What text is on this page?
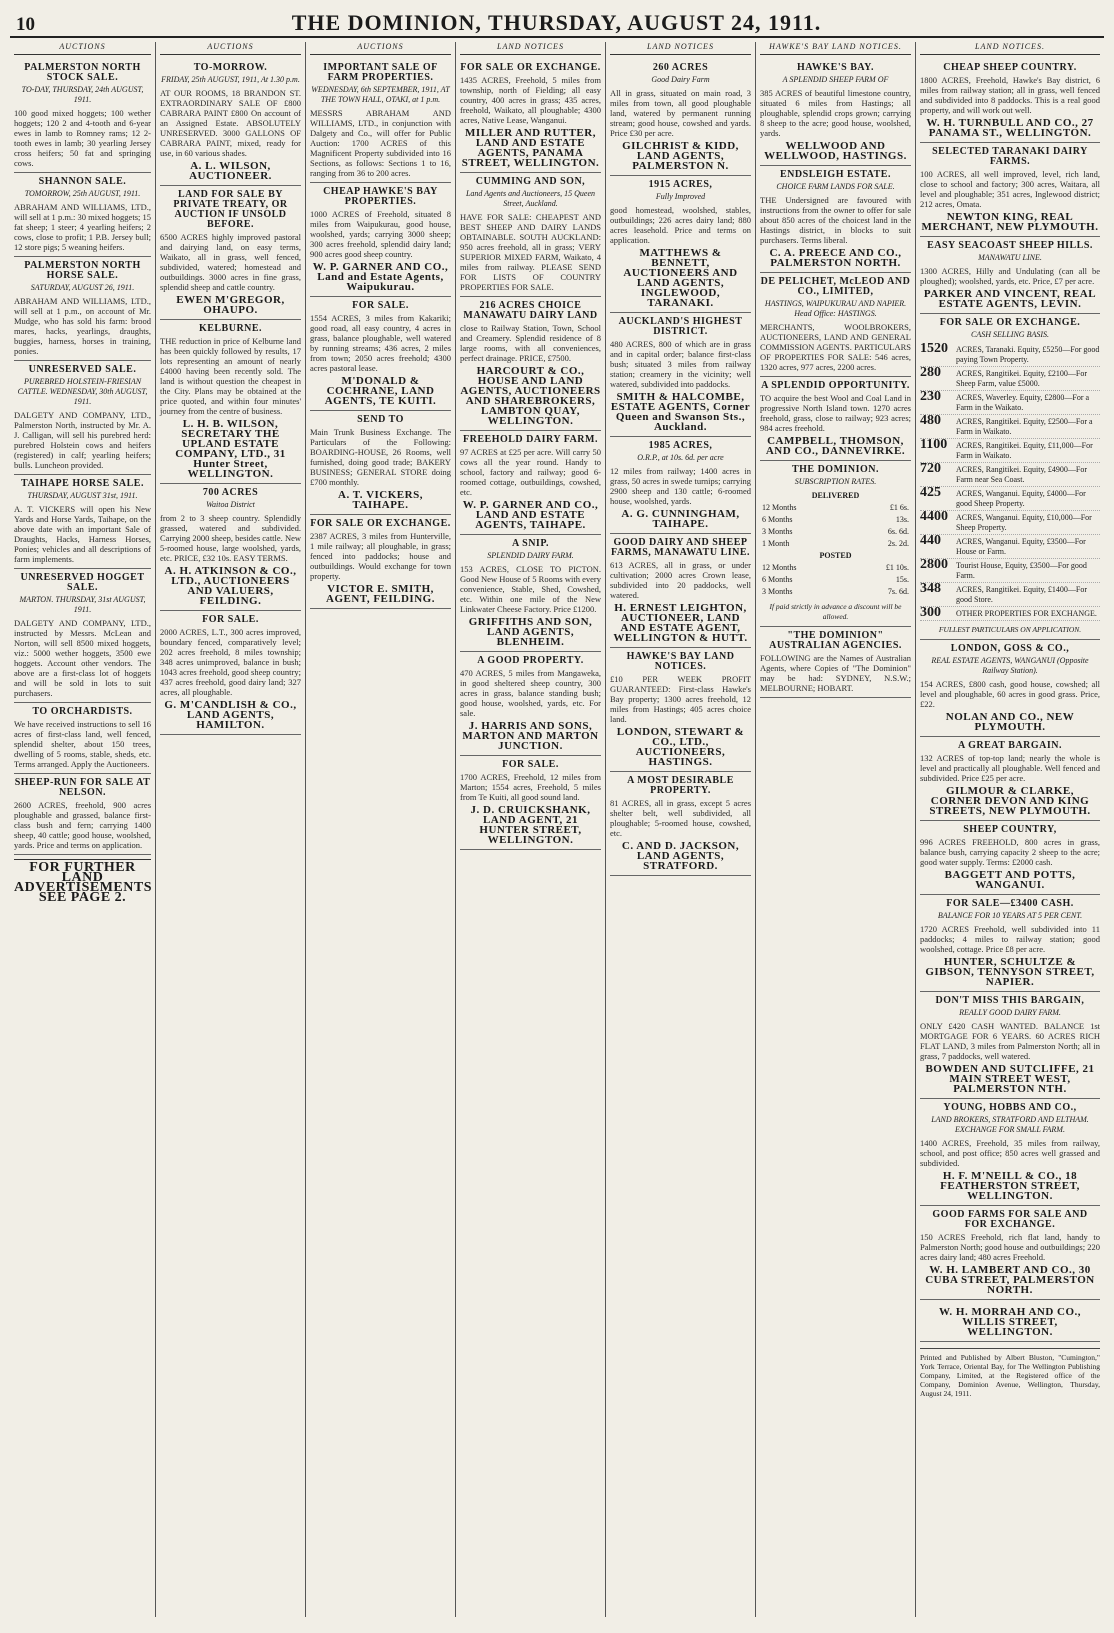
10	THE DOMINION, THURSDAY, AUGUST 24, 1911.
AUCTIONS
PALMERSTON NORTH STOCK SALE.

TO-DAY, THURSDAY, 24th AUGUST, 1911.

100 good mixed hoggets; 100 wether hoggets; 120 2 and 4-tooth and 6-year ewes in lamb to Romney rams; 12 2-tooth ewes in lamb; 30 yearling Jersey cross heifers; 50 fat and springing cows.

SHANNON SALE.

TOMORROW, 25th AUGUST, 1911.

ABRAHAM AND WILLIAMS, LTD., will sell at 1 p.m.: 30 mixed hoggets; 15 fat sheep; 1 steer; 4 yearling heifers; 2 cows, close to profit; 1 P.B. Jersey bull; 12 store pigs; 5 weaning heifers.

PALMERSTON NORTH HORSE SALE.

SATURDAY, AUGUST 26, 1911.

ABRAHAM AND WILLIAMS, LTD., will sell at 1 p.m., on account of Mr. Mudge, who has sold his farm: brood mares, hacks, yearlings, draughts, buggies, harness, horses in training, ponies.

UNRESERVED SALE.

PUREBRED HOLSTEIN-FRIESIAN CATTLE. WEDNESDAY, 30th AUGUST, 1911.

DALGETY AND COMPANY, LTD., Palmerston North, instructed by Mr. A. J. Calligan, will sell his purebred herd: purebred Holstein cows and heifers (registered) in calf; yearling heifers; bulls. Luncheon provided.

TAIHAPE HORSE SALE.

THURSDAY, AUGUST 31st, 1911.

A. T. VICKERS will open his New Yards and Horse Yards, Taihape, on the above date with an important Sale of Draughts, Hacks, Harness Horses, Ponies; vehicles and all descriptions of farm implements.

UNRESERVED HOGGET SALE.

MARTON. THURSDAY, 31st AUGUST, 1911.

DALGETY AND COMPANY, LTD., instructed by Messrs. McLean and Norton, will sell 8500 mixed hoggets, viz.: 5000 wether hoggets, 3500 ewe hoggets. Account other vendors. The above are a first-class lot of hoggets and will be sold in lots to suit purchasers.

TO ORCHARDISTS.

We have received instructions to sell 16 acres of first-class land, well fenced, splendid shelter, about 150 trees, dwelling of 5 rooms, stable, sheds, etc. Terms arranged. Apply the Auctioneers.

SHEEP-RUN FOR SALE AT NELSON.

2600 ACRES, freehold, 900 acres ploughable and grassed, balance first-class bush and fern; carrying 1400 sheep, 40 cattle; good house, woolshed, yards. Price and terms on application.

FOR FURTHER LAND ADVERTISEMENTS SEE PAGE 2.
AUCTIONS
TO-MORROW.

FRIDAY, 25th AUGUST, 1911, At 1.30 p.m.

AT OUR ROOMS, 18 BRANDON ST. EXTRAORDINARY SALE OF £800 CABRARA PAINT £800 On account of an Assigned Estate. ABSOLUTELY UNRESERVED. 3000 GALLONS OF CABRARA PAINT, mixed, ready for use, in 60 various shades.

A. L. WILSON, AUCTIONEER.
LAND FOR SALE BY PRIVATE TREATY, OR AUCTION IF UNSOLD BEFORE.

6500 ACRES highly improved pastoral and dairying land, on easy terms, Waikato, all in grass, well fenced, subdivided, watered; homestead and outbuildings. 3000 acres in fine grass, splendid sheep and cattle country.

EWEN M'GREGOR, OHAUPO.
KELBURNE.

THE reduction in price of Kelburne land has been quickly followed by results, 17 lots representing an amount of nearly £4000 having been recently sold. The land is without question the cheapest in the City. Plans may be obtained at the price quoted, and within four minutes' journey from the centre of business.

L. H. B. WILSON, SECRETARY THE UPLAND ESTATE COMPANY, LTD., 31 Hunter Street, WELLINGTON.
700 ACRES

Waitoa District

from 2 to 3 sheep country. Splendidly grassed, watered and subdivided. Carrying 2000 sheep, besides cattle. New 5-roomed house, large woolshed, yards, etc. PRICE, £32 10s. EASY TERMS.

A. H. ATKINSON & CO., LTD., AUCTIONEERS AND VALUERS, FEILDING.
FOR SALE.

2000 ACRES, L.T., 300 acres improved, boundary fenced, comparatively level; 202 acres freehold, 8 miles township; 348 acres unimproved, balance in bush; 1043 acres freehold, good sheep country; 437 acres freehold, good dairy land; 327 acres, all ploughable.

G. M'CANDLISH & CO., LAND AGENTS, HAMILTON.
AUCTIONS
IMPORTANT SALE OF FARM PROPERTIES.

WEDNESDAY, 6th SEPTEMBER, 1911, AT THE TOWN HALL, OTAKI, at 1 p.m.

MESSRS ABRAHAM AND WILLIAMS, LTD., in conjunction with Dalgety and Co., will offer for Public Auction: 1700 ACRES of this Magnificent Property subdivided into 16 Sections, as follows: Sections 1 to 16, ranging from 36 to 200 acres.

CHEAP HAWKE'S BAY PROPERTIES.

1000 ACRES of Freehold, situated 8 miles from Waipukurau, good house, woolshed, yards; carrying 3000 sheep; 300 acres freehold, splendid dairy land; 900 acres good sheep country.

W. P. GARNER AND CO., Land and Estate Agents, Waipukurau.
FOR SALE.

1554 ACRES, 3 miles from Kakariki; good road, all easy country, 4 acres in grass, balance ploughable, well watered by running streams; 436 acres, 2 miles from town; 2050 acres freehold; 4300 acres pastoral lease.

M'DONALD & COCHRANE, LAND AGENTS, TE KUITI.
SEND TO

Main Trunk Business Exchange. The Particulars of the Following: BOARDING-HOUSE, 26 Rooms, well furnished, doing good trade; BAKERY BUSINESS; GENERAL STORE doing £700 monthly.

A. T. VICKERS, TAIHAPE.
FOR SALE OR EXCHANGE.

2387 ACRES, 3 miles from Hunterville, 1 mile railway; all ploughable, in grass; fenced into paddocks; house and outbuildings. Would exchange for town property.

VICTOR E. SMITH, AGENT, FEILDING.
LAND NOTICES
FOR SALE OR EXCHANGE.

1435 ACRES, Freehold, 5 miles from township, north of Fielding; all easy country, 400 acres in grass; 435 acres, freehold, Waikato, all ploughable; 4300 acres, Native Lease, Wanganui.

MILLER AND RUTTER, LAND AND ESTATE AGENTS, PANAMA STREET, WELLINGTON.
CUMMING AND SON,

Land Agents and Auctioneers, 15 Queen Street, Auckland.

HAVE FOR SALE: CHEAPEST AND BEST SHEEP AND DAIRY LANDS OBTAINABLE. SOUTH AUCKLAND: 950 acres freehold, all in grass; VERY SUPERIOR MIXED FARM, Waikato, 4 miles from railway. PLEASE SEND FOR LISTS OF COUNTRY PROPERTIES FOR SALE.

216 ACRES CHOICE MANAWATU DAIRY LAND

close to Railway Station, Town, School and Creamery. Splendid residence of 8 large rooms, with all conveniences, perfect drainage. PRICE, £7500.

HARCOURT & CO., HOUSE AND LAND AGENTS, AUCTIONEERS AND SHAREBROKERS, LAMBTON QUAY, WELLINGTON.
FREEHOLD DAIRY FARM.

97 ACRES at £25 per acre. Will carry 50 cows all the year round. Handy to school, factory and railway; good 6-roomed cottage, outbuildings, cowshed, etc.

W. P. GARNER AND CO., LAND AND ESTATE AGENTS, TAIHAPE.
A SNIP.

SPLENDID DAIRY FARM.

153 ACRES, CLOSE TO PICTON. Good New House of 5 Rooms with every convenience, Stable, Shed, Cowshed, etc. Within one mile of the New Linkwater Cheese Factory. Price £1200.

GRIFFITHS AND SON, LAND AGENTS, BLENHEIM.
A GOOD PROPERTY.

470 ACRES, 5 miles from Mangaweka, in good sheltered sheep country, 300 acres in grass, balance standing bush; good house, woolshed, yards, etc. For sale.

J. HARRIS AND SONS, MARTON AND MARTON JUNCTION.
FOR SALE.

1700 ACRES, Freehold, 12 miles from Marton; 1554 acres, Freehold, 5 miles from Te Kuiti, all good sound land.

J. D. CRUICKSHANK, LAND AGENT, 21 HUNTER STREET, WELLINGTON.
LAND NOTICES
260 ACRES

Good Dairy Farm

All in grass, situated on main road, 3 miles from town, all good ploughable land, watered by permanent running stream; good house, cowshed and yards. Price £30 per acre.

GILCHRIST & KIDD, LAND AGENTS, PALMERSTON N.
1915 ACRES,

Fully Improved

good homestead, woolshed, stables, outbuildings; 226 acres dairy land; 880 acres leasehold. Price and terms on application.

MATTHEWS & BENNETT, AUCTIONEERS AND LAND AGENTS, INGLEWOOD, TARANAKI.
AUCKLAND'S HIGHEST DISTRICT.

480 ACRES, 800 of which are in grass and in capital order; balance first-class bush; situated 3 miles from railway station; creamery in the vicinity; well watered, subdivided into paddocks.

SMITH & HALCOMBE, ESTATE AGENTS, Corner Queen and Swanson Sts., Auckland.
1985 ACRES,

O.R.P., at 10s. 6d. per acre

12 miles from railway; 1400 acres in grass, 50 acres in swede turnips; carrying 2900 sheep and 130 cattle; 6-roomed house, woolshed, yards.

A. G. CUNNINGHAM, TAIHAPE.
GOOD DAIRY AND SHEEP FARMS, MANAWATU LINE.

613 ACRES, all in grass, or under cultivation; 2000 acres Crown lease, subdivided into 20 paddocks, well watered.

H. ERNEST LEIGHTON, AUCTIONEER, LAND AND ESTATE AGENT, WELLINGTON & HUTT.
HAWKE'S BAY LAND NOTICES.

£10 PER WEEK PROFIT GUARANTEED: First-class Hawke's Bay property; 1300 acres freehold, 12 miles from Hastings; 405 acres choice land.

LONDON, STEWART & CO., LTD., AUCTIONEERS, HASTINGS.
A MOST DESIRABLE PROPERTY.

81 ACRES, all in grass, except 5 acres shelter belt, well subdivided, all ploughable; 5-roomed house, cowshed, etc.

C. AND D. JACKSON, LAND AGENTS, STRATFORD.
HAWKE'S BAY LAND NOTICES.
HAWKE'S BAY.

A SPLENDID SHEEP FARM OF

385 ACRES of beautiful limestone country, situated 6 miles from Hastings; all ploughable, splendid crops grown; carrying 8 sheep to the acre; good house, woolshed, yards.

WELLWOOD AND WELLWOOD, HASTINGS.
ENDSLEIGH ESTATE.

CHOICE FARM LANDS FOR SALE.

THE Undersigned are favoured with instructions from the owner to offer for sale about 850 acres of the choicest land in the Hastings district, in blocks to suit purchasers. Terms liberal.

C. A. PREECE AND CO., PALMERSTON NORTH.
DE PELICHET, McLEOD AND CO., LIMITED,

HASTINGS, WAIPUKURAU AND NAPIER. Head Office: HASTINGS.

MERCHANTS, WOOLBROKERS, AUCTIONEERS, LAND AND GENERAL COMMISSION AGENTS. PARTICULARS OF PROPERTIES FOR SALE: 546 acres, 1320 acres, 977 acres, 2200 acres.

A SPLENDID OPPORTUNITY.

TO acquire the best Wool and Coal Land in progressive North Island town. 1270 acres freehold, grass, close to railway; 923 acres; 984 acres freehold.

CAMPBELL, THOMSON, AND CO., DANNEVIRKE.
THE DOMINION.

SUBSCRIPTION RATES.

DELIVERED	
12 Months	£1 6s.
6 Months	13s.
3 Months	6s. 6d.
1 Month	2s. 2d.
POSTED	
12 Months	£1 10s.
6 Months	15s.
3 Months	7s. 6d.
If paid strictly in advance a discount will be allowed.
"THE DOMINION" AUSTRALIAN AGENCIES.

FOLLOWING are the Names of Australian Agents, where Copies of "The Dominion" may be had: SYDNEY, N.S.W.; MELBOURNE; HOBART.

LAND NOTICES.
CHEAP SHEEP COUNTRY.

1800 ACRES, Freehold, Hawke's Bay district, 6 miles from railway station; all in grass, well fenced and subdivided into 8 paddocks. This is a real good property, and will work out well.

W. H. TURNBULL AND CO., 27 PANAMA ST., WELLINGTON.
SELECTED TARANAKI DAIRY FARMS.

100 ACRES, all well improved, level, rich land, close to school and factory; 300 acres, Waitara, all level and ploughable; 351 acres, Inglewood district; 212 acres, Omata.

NEWTON KING, REAL MERCHANT, NEW PLYMOUTH.
EASY SEACOAST SHEEP HILLS.

MANAWATU LINE.

1300 ACRES, Hilly and Undulating (can all be ploughed); woolshed, yards, etc. Price, £7 per acre.

PARKER AND VINCENT, REAL ESTATE AGENTS, LEVIN.
FOR SALE OR EXCHANGE.

CASH SELLING BASIS.

1520	ACRES, Taranaki. Equity, £5250—For good paying Town Property.
280	ACRES, Rangitikei. Equity, £2100—For Sheep Farm, value £5000.
230	ACRES, Waverley. Equity, £2800—For a Farm in the Waikato.
480	ACRES, Rangitikei. Equity, £2500—For a Farm in Waikato.
1100	ACRES, Rangitikei. Equity, £11,000—For Farm in Waikato.
720	ACRES, Rangitikei. Equity, £4900—For Farm near Sea Coast.
425	ACRES, Wanganui. Equity, £4000—For good Sheep Property.
4400	ACRES, Wanganui. Equity, £10,000—For Sheep Property.
440	ACRES, Wanganui. Equity, £3500—For House or Farm.
2800	Tourist House, Equity, £3500—For good Farm.
348	ACRES, Rangitikei. Equity, £1400—For good Store.
300	OTHER PROPERTIES FOR EXCHANGE.
FULLEST PARTICULARS ON APPLICATION.
LONDON, GOSS & CO.,

REAL ESTATE AGENTS, WANGANUI (Opposite Railway Station).

154 ACRES, £800 cash, good house, cowshed; all level and ploughable, 60 acres in good grass. Price, £22.

NOLAN AND CO., NEW PLYMOUTH.
A GREAT BARGAIN.

132 ACRES of top-top land; nearly the whole is level and practically all ploughable. Well fenced and subdivided. Price £25 per acre.

GILMOUR & CLARKE, CORNER DEVON AND KING STREETS, NEW PLYMOUTH.
SHEEP COUNTRY,

996 ACRES FREEHOLD, 800 acres in grass, balance bush, carrying capacity 2 sheep to the acre; good water supply. Terms: £2000 cash.

BAGGETT AND POTTS, WANGANUI.
FOR SALE—£3400 CASH.

BALANCE FOR 10 YEARS AT 5 PER CENT.

1720 ACRES Freehold, well subdivided into 11 paddocks; 4 miles to railway station; good woolshed, cottage. Price £8 per acre.

HUNTER, SCHULTZE & GIBSON, TENNYSON STREET, NAPIER.
DON'T MISS THIS BARGAIN,

REALLY GOOD DAIRY FARM.

ONLY £420 CASH WANTED. BALANCE 1st MORTGAGE FOR 6 YEARS. 60 ACRES RICH FLAT LAND, 3 miles from Palmerston North; all in grass, 7 paddocks, well watered.

BOWDEN AND SUTCLIFFE, 21 MAIN STREET WEST, PALMERSTON NTH.
YOUNG, HOBBS AND CO.,

LAND BROKERS, STRATFORD AND ELTHAM. EXCHANGE FOR SMALL FARM.

1400 ACRES, Freehold, 35 miles from railway, school, and post office; 850 acres well grassed and subdivided.

H. F. M'NEILL & CO., 18 FEATHERSTON STREET, WELLINGTON.
GOOD FARMS FOR SALE AND FOR EXCHANGE.

150 ACRES Freehold, rich flat land, handy to Palmerston North; good house and outbuildings; 220 acres dairy land; 480 acres Freehold.

W. H. LAMBERT AND CO., 30 CUBA STREET, PALMERSTON NORTH.
W. H. MORRAH AND CO., WILLIS STREET, WELLINGTON.
Printed and Published by Albert Bluston, "Cumington," York Terrace, Oriental Bay, for The Wellington Publishing Company, Limited, at the Registered office of the Company, Dominion Avenue, Wellington, Thursday, August 24, 1911.
